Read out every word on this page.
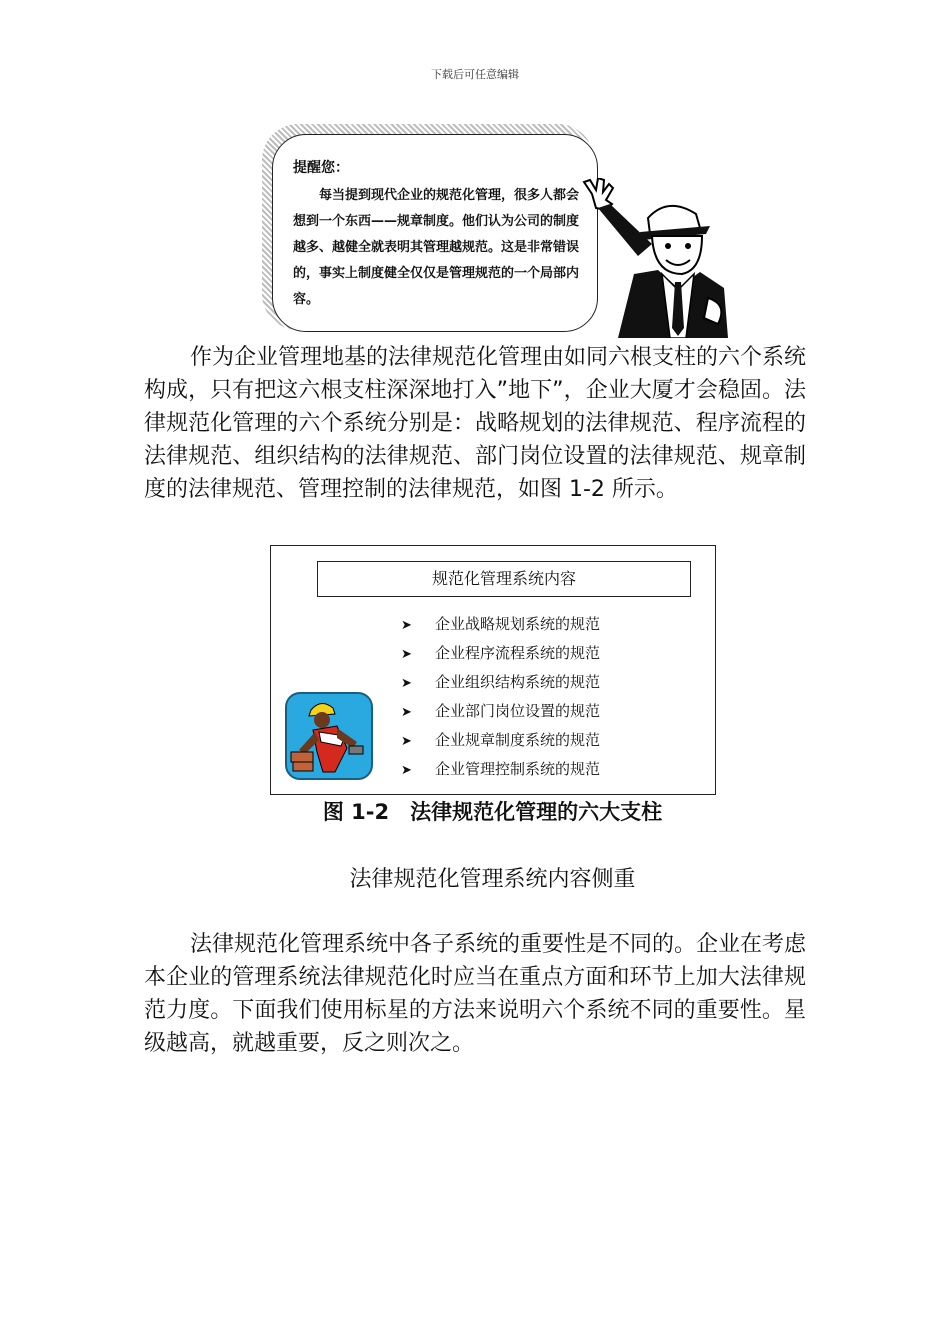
下载后可任意编辑
提醒您：
每当提到现代企业的规范化管理，很多人都会想到一个东西——规章制度。他们认为公司的制度越多、越健全就表明其管理越规范。这是非常错误的，事实上制度健全仅仅是管理规范的一个局部内容。

作为企业管理地基的法律规范化管理由如同六根支柱的六个系统构成，只有把这六根支柱深深地打入”地下”，企业大厦才会稳固。法律规范化管理的六个系统分别是：战略规划的法律规范、程序流程的法律规范、组织结构的法律规范、部门岗位设置的法律规范、规章制度的法律规范、管理控制的法律规范，如图 1-2 所示。

规范化管理系统内容
➤ 企业战略规划系统的规范
➤ 企业程序流程系统的规范
➤ 企业组织结构系统的规范
➤ 企业部门岗位设置的规范
➤ 企业规章制度系统的规范
➤ 企业管理控制系统的规范
图 1-2　法律规范化管理的六大支柱
法律规范化管理系统内容侧重

法律规范化管理系统中各子系统的重要性是不同的。企业在考虑本企业的管理系统法律规范化时应当在重点方面和环节上加大法律规范力度。下面我们使用标星的方法来说明六个系统不同的重要性。星级越高，就越重要，反之则次之。
